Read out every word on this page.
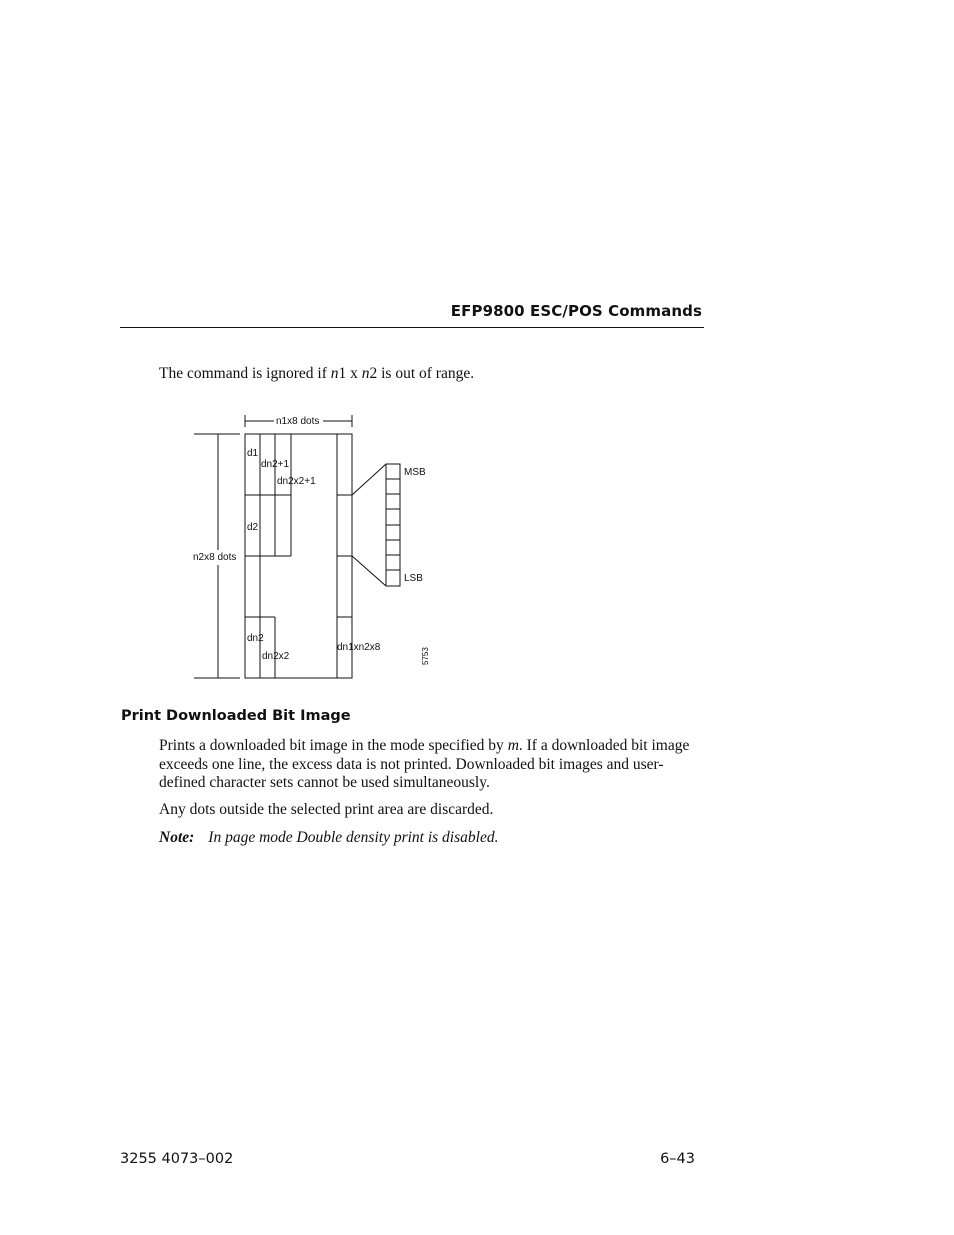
EFP9800 ESC/POS Commands
The command is ignored if n1 x n2 is out of range.
n1x8 dots
n2x8 dots
d1
dn2+1
dn2x2+1
d2
dn2
dn2x2
dn1xn2x8
MSB
LSB
5753
Print Downloaded Bit Image
Prints a downloaded bit image in the mode specified by m. If a downloaded bit image exceeds one line, the excess data is not printed. Downloaded bit images and user-defined character sets cannot be used simultaneously.
Any dots outside the selected print area are discarded.
Note: In page mode Double density print is disabled.
3255 4073–002	6–43
